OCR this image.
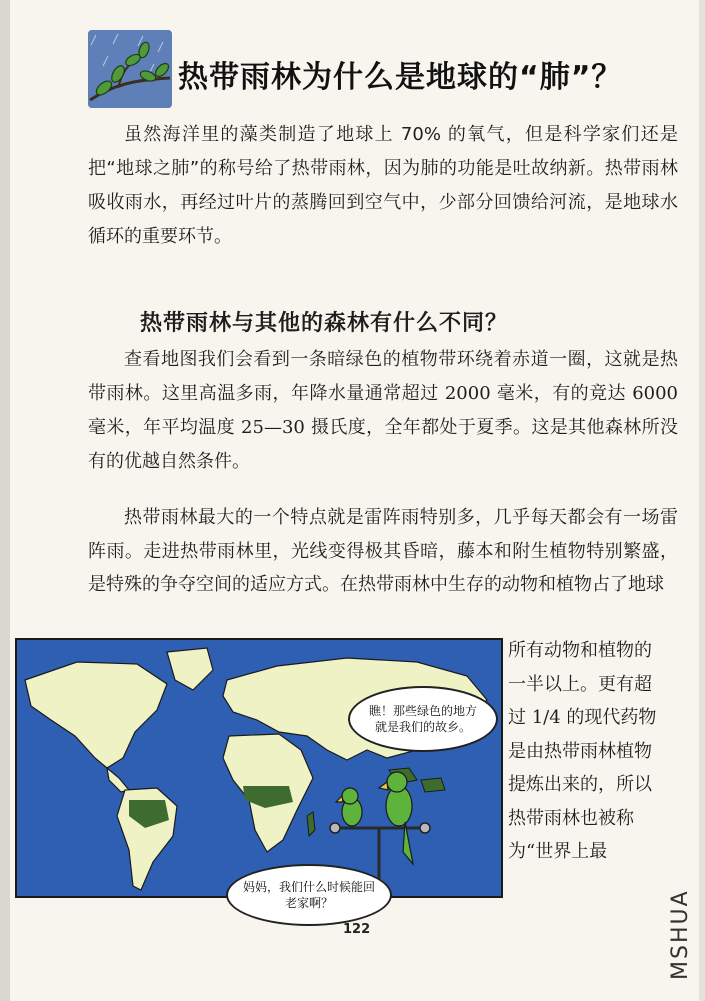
热带雨林为什么是地球的“肺”？
虽然海洋里的藻类制造了地球上 70% 的氧气，但是科学家们还是把“地球之肺”的称号给了热带雨林，因为肺的功能是吐故纳新。热带雨林吸收雨水，再经过叶片的蒸腾回到空气中，少部分回馈给河流，是地球水循环的重要环节。
热带雨林与其他的森林有什么不同？
查看地图我们会看到一条暗绿色的植物带环绕着赤道一圈，这就是热带雨林。这里高温多雨，年降水量通常超过 2000 毫米，有的竟达 6000 毫米，年平均温度 25—30 摄氏度，全年都处于夏季。这是其他森林所没有的优越自然条件。
热带雨林最大的一个特点就是雷阵雨特别多，几乎每天都会有一场雷阵雨。走进热带雨林里，光线变得极其昏暗，藤本和附生植物特别繁盛，是特殊的争夺空间的适应方式。在热带雨林中生存的动物和植物占了地球
所有动物和植物的一半以上。更有超过 1/4 的现代药物是由热带雨林植物提炼出来的，所以热带雨林也被称为“世界上最
瞧！那些绿色的地方就是我们的故乡。
妈妈，我们什么时候能回老家啊？
122	MSHUA
